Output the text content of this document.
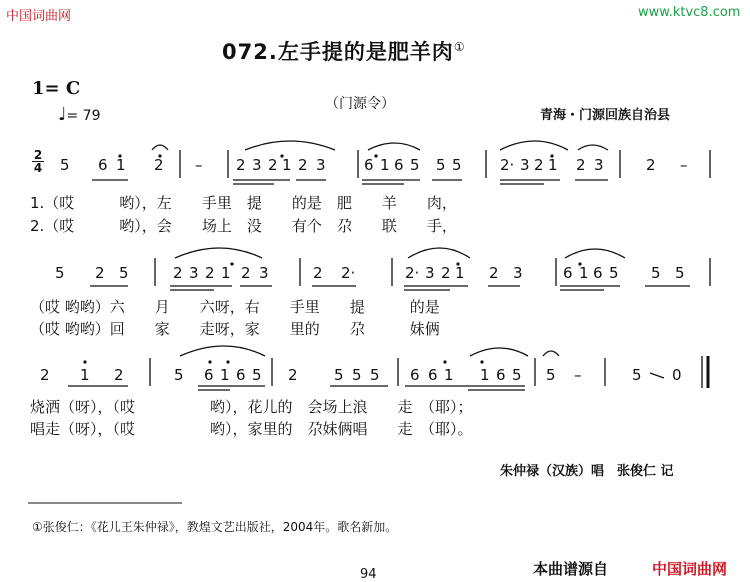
中国词曲网	www.ktvc8.com
072.左手提的是肥羊肉①
1= C
♩= 79
（门源令）
青海・门源回族自治县
2
4 5 6 1 2 – 2 3 2 1 2 3	6 1 6 5 5 5	2· 3 2 1 2 3	2 –
1.（哎　　　哟），左　　手里　提　　的是　肥　　羊　　肉，
2.（哎　　　哟），会　　场上　没　　有个　尕　　联　　手，
5 2 5	2 3 2 1 2 3	2 2·	2· 3 2 1 2 3	6 1 6 5 5 5
（哎 哟哟）六　　月　　六呀，右　　手里　　提　　　的是
（哎 哟哟）回　　家　　走呀，家　　里的　　尕　　　妹俩
2 1 2	5 6 1 6 5 2 5 5 5 6 6 1 1 6 5 5 –	5 0
烧洒（呀），（哎　　　　　哟），花儿的　会场上浪　　走　（耶）；
唱走（呀），（哎　　　　　哟），家里的　尕妹俩唱　　走　（耶）。
朱仲禄（汉族）唱　张俊仁 记
①张俊仁：《花儿王朱仲禄》，教煌文艺出版社，2004年。歌名新加。
本曲谱源自	中国词曲网
94
